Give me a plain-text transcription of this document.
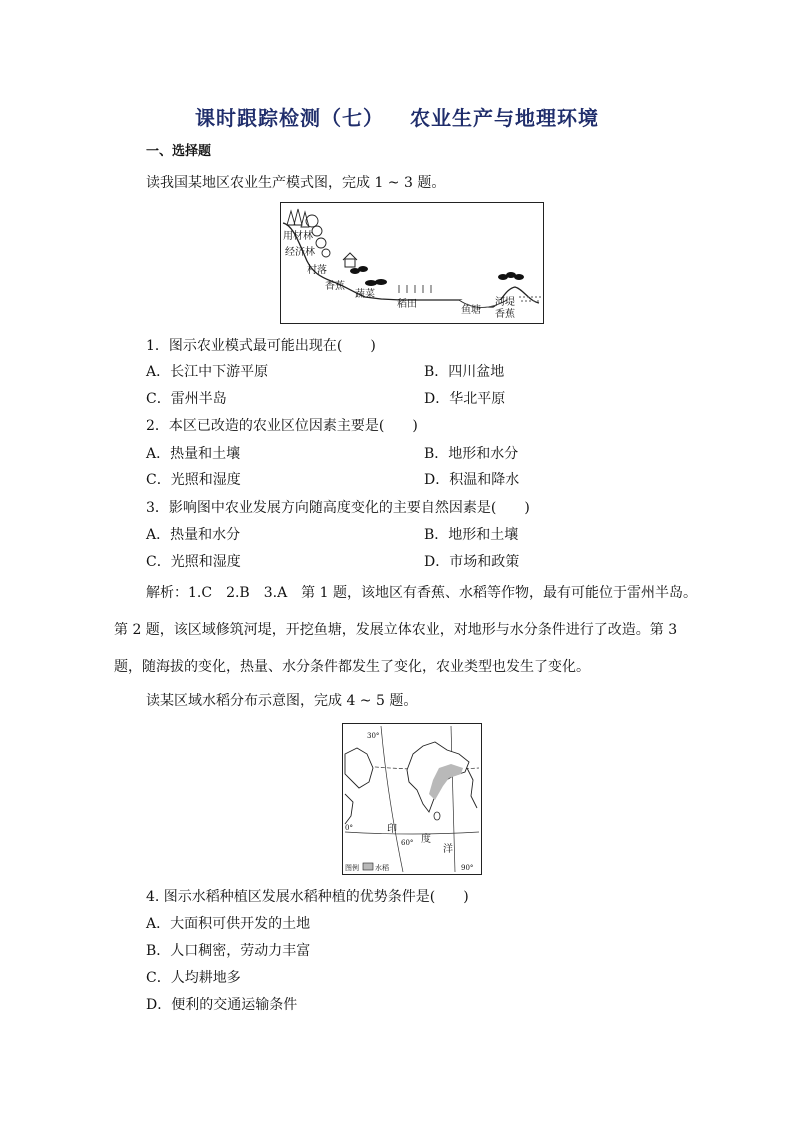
课时跟踪检测（七） 农业生产与地理环境
一、选择题
读我国某地区农业生产模式图，完成 1 ~ 3 题。
用材林
经济林
村落
香蕉
蔬菜
稻田
鱼塘
河堤
香蕉
1．图示农业模式最可能出现在(　　)
A．长江中下游平原	B．四川盆地
C．雷州半岛	D．华北平原
2．本区已改造的农业区位因素主要是(　　)
A．热量和土壤	B．地形和水分
C．光照和湿度	D．积温和降水
3．影响图中农业发展方向随高度变化的主要自然因素是(　　)
A．热量和水分	B．地形和土壤
C．光照和湿度	D．市场和政策
解析：1.C　2.B　3.A　第 1 题，该地区有香蕉、水稻等作物，最有可能位于雷州半岛。
第 2 题，该区域修筑河堤，开挖鱼塘，发展立体农业，对地形与水分条件进行了改造。第 3
题，随海拔的变化，热量、水分条件都发生了变化，农业类型也发生了变化。
读某区域水稻分布示意图，完成 4 ~ 5 题。
30°
0°
60°
90°
印
度
洋
图例 水稻
4. 图示水稻种植区发展水稻种植的优势条件是(　　)
A．大面积可供开发的土地
B．人口稠密，劳动力丰富
C．人均耕地多
D．便利的交通运输条件
